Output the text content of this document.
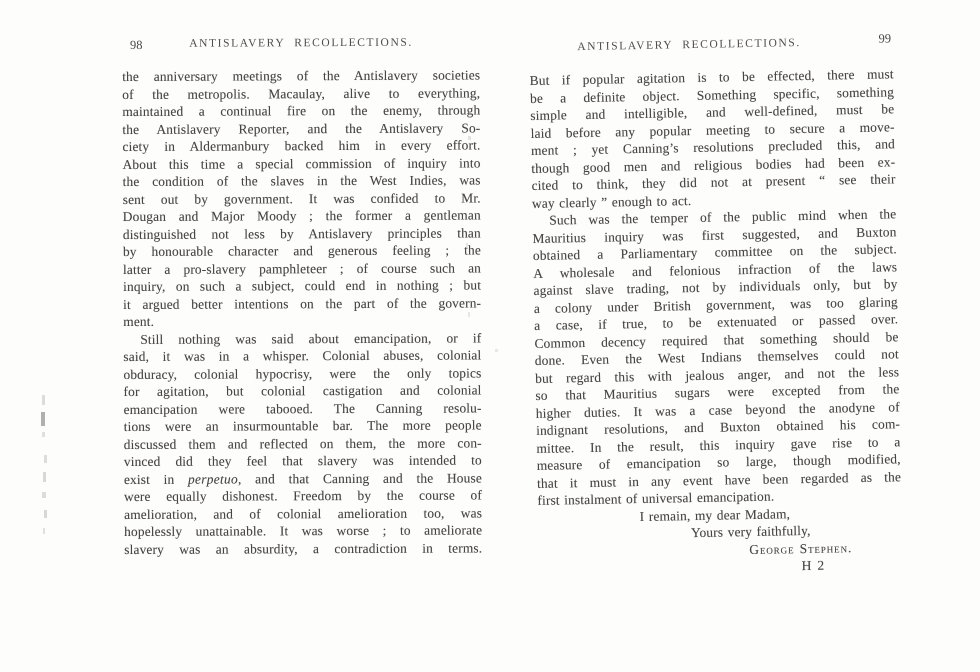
98	ANTISLAVERY RECOLLECTIONS.
the anniversary meetings of the Antislavery societies
of the metropolis. Macaulay, alive to everything,
maintained a continual fire on the enemy, through
the Antislavery Reporter, and the Antislavery So-
ciety in Aldermanbury backed him in every effort.
About this time a special commission of inquiry into
the condition of the slaves in the West Indies, was
sent out by government. It was confided to Mr.
Dougan and Major Moody ; the former a gentleman
distinguished not less by Antislavery principles than
by honourable character and generous feeling ; the
latter a pro-slavery pamphleteer ; of course such an
inquiry, on such a subject, could end in nothing ; but
it argued better intentions on the part of the govern-
ment.
Still nothing was said about emancipation, or if
said, it was in a whisper. Colonial abuses, colonial
obduracy, colonial hypocrisy, were the only topics
for agitation, but colonial castigation and colonial
emancipation were tabooed. The Canning resolu-
tions were an insurmountable bar. The more people
discussed them and reflected on them, the more con-
vinced did they feel that slavery was intended to
exist in perpetuo, and that Canning and the House
were equally dishonest. Freedom by the course of
amelioration, and of colonial amelioration too, was
hopelessly unattainable. It was worse ; to ameliorate
slavery was an absurdity, a contradiction in terms.
ANTISLAVERY RECOLLECTIONS.	99
But if popular agitation is to be effected, there must
be a definite object. Something specific, something
simple and intelligible, and well-defined, must be
laid before any popular meeting to secure a move-
ment ; yet Canning’s resolutions precluded this, and
though good men and religious bodies had been ex-
cited to think, they did not at present “ see their
way clearly ” enough to act.
Such was the temper of the public mind when the
Mauritius inquiry was first suggested, and Buxton
obtained a Parliamentary committee on the subject.
A wholesale and felonious infraction of the laws
against slave trading, not by individuals only, but by
a colony under British government, was too glaring
a case, if true, to be extenuated or passed over.
Common decency required that something should be
done. Even the West Indians themselves could not
but regard this with jealous anger, and not the less
so that Mauritius sugars were excepted from the
higher duties. It was a case beyond the anodyne of
indignant resolutions, and Buxton obtained his com-
mittee. In the result, this inquiry gave rise to a
measure of emancipation so large, though modified,
that it must in any event have been regarded as the
first instalment of universal emancipation.
I remain, my dear Madam,
Yours very faithfully,
George Stephen.
H 2
